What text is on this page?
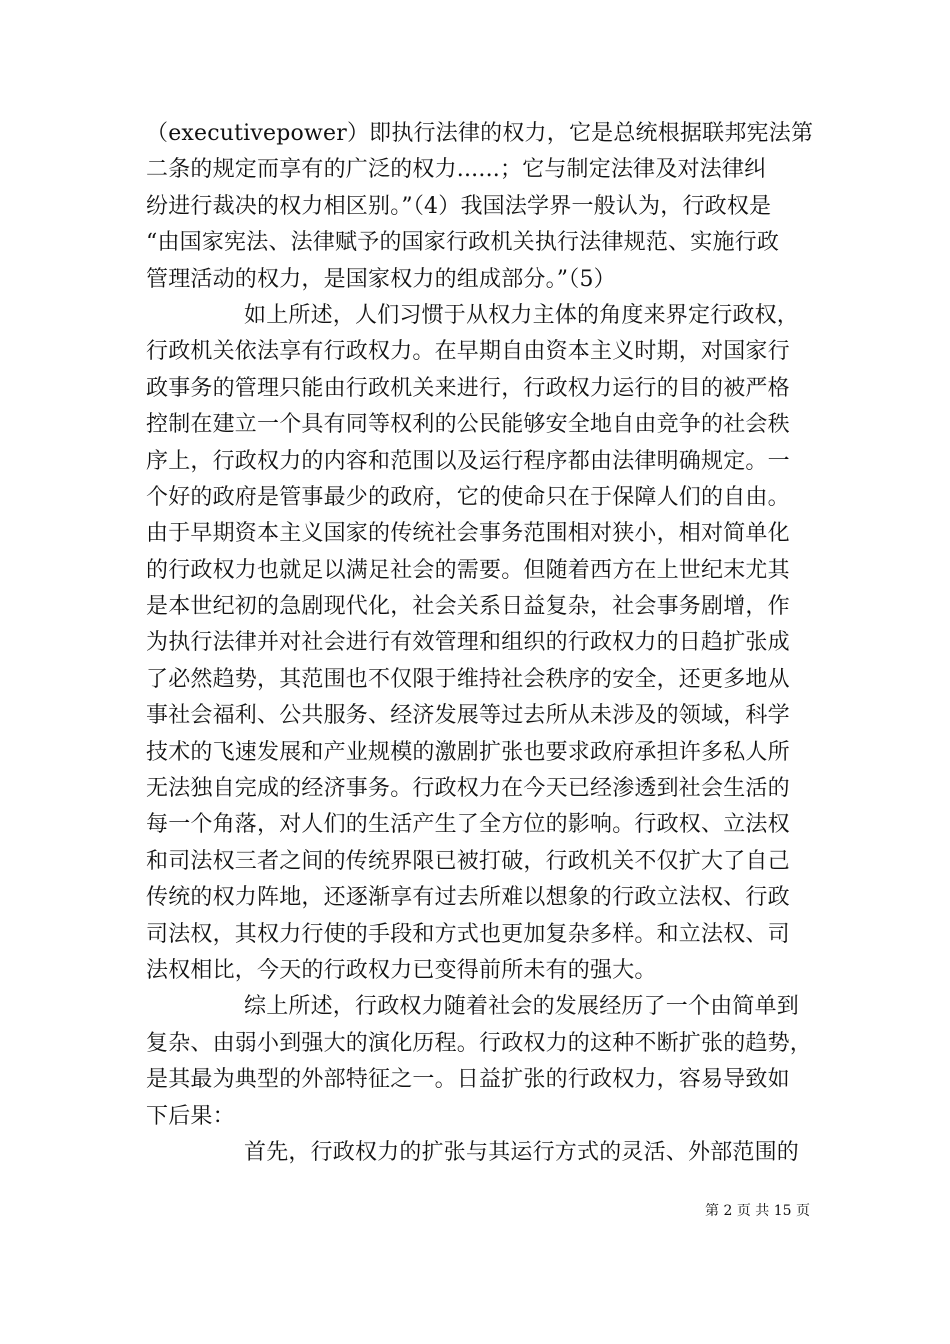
（executivepower）即执行法律的权力，它是总统根据联邦宪法第
二条的规定而享有的广泛的权力......；它与制定法律及对法律纠
纷进行裁决的权力相区别。”（4）我国法学界一般认为，行政权是
“由国家宪法、法律赋予的国家行政机关执行法律规范、实施行政
管理活动的权力，是国家权力的组成部分。”（5）
如上所述，人们习惯于从权力主体的角度来界定行政权，
行政机关依法享有行政权力。在早期自由资本主义时期，对国家行
政事务的管理只能由行政机关来进行，行政权力运行的目的被严格
控制在建立一个具有同等权利的公民能够安全地自由竞争的社会秩
序上，行政权力的内容和范围以及运行程序都由法律明确规定。一
个好的政府是管事最少的政府，它的使命只在于保障人们的自由。
由于早期资本主义国家的传统社会事务范围相对狭小，相对简单化
的行政权力也就足以满足社会的需要。但随着西方在上世纪末尤其
是本世纪初的急剧现代化，社会关系日益复杂，社会事务剧增，作
为执行法律并对社会进行有效管理和组织的行政权力的日趋扩张成
了必然趋势，其范围也不仅限于维持社会秩序的安全，还更多地从
事社会福利、公共服务、经济发展等过去所从未涉及的领域，科学
技术的飞速发展和产业规模的激剧扩张也要求政府承担许多私人所
无法独自完成的经济事务。行政权力在今天已经渗透到社会生活的
每一个角落，对人们的生活产生了全方位的影响。行政权、立法权
和司法权三者之间的传统界限已被打破，行政机关不仅扩大了自己
传统的权力阵地，还逐渐享有过去所难以想象的行政立法权、行政
司法权，其权力行使的手段和方式也更加复杂多样。和立法权、司
法权相比，今天的行政权力已变得前所未有的强大。
综上所述，行政权力随着社会的发展经历了一个由简单到
复杂、由弱小到强大的演化历程。行政权力的这种不断扩张的趋势，
是其最为典型的外部特征之一。日益扩张的行政权力，容易导致如
下后果：
首先，行政权力的扩张与其运行方式的灵活、外部范围的
第 2 页 共 15 页
